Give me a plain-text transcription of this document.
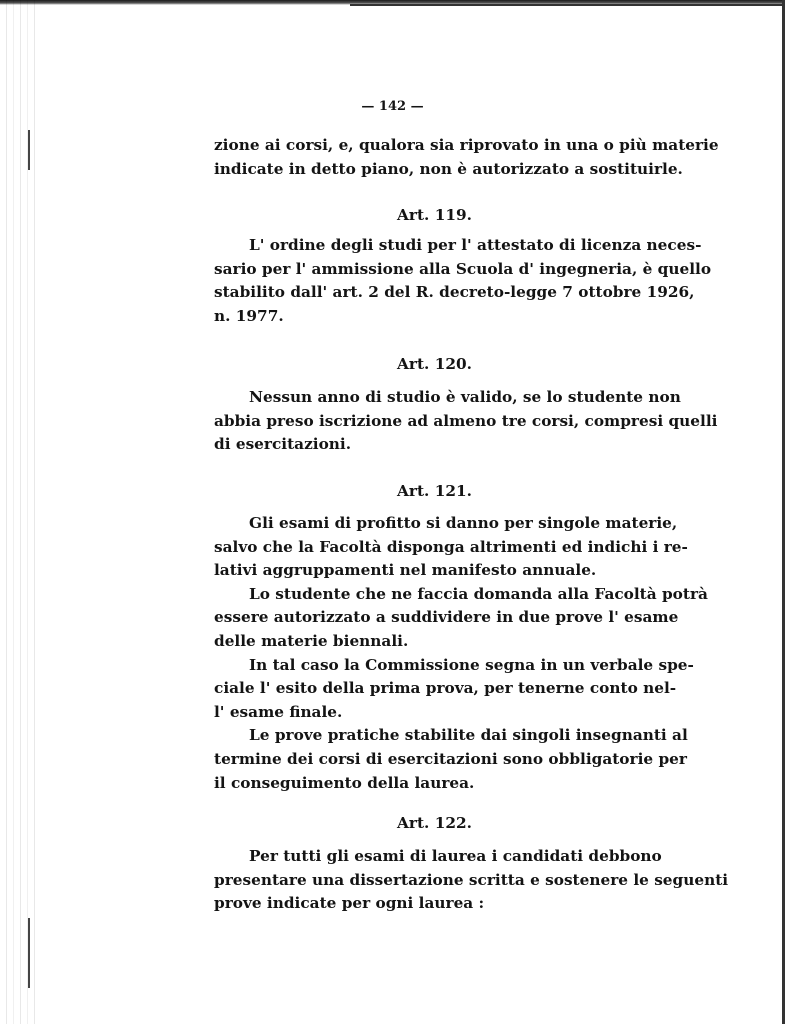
— 142 —
zione ai corsi, e, qualora sia riprovato in una o più materie
indicate in detto piano, non è autorizzato a sostituirle.
Art. 119.
L' ordine degli studi per l' attestato di licenza neces-
sario per l' ammissione alla Scuola d' ingegneria, è quello
stabilito dall' art. 2 del R. decreto-legge 7 ottobre 1926,
n. 1977.
Art. 120.
Nessun anno di studio è valido, se lo studente non
abbia preso iscrizione ad almeno tre corsi, compresi quelli
di esercitazioni.
Art. 121.
Gli esami di profitto si danno per singole materie,
salvo che la Facoltà disponga altrimenti ed indichi i re-
lativi aggruppamenti nel manifesto annuale.
Lo studente che ne faccia domanda alla Facoltà potrà
essere autorizzato a suddividere in due prove l' esame
delle materie biennali.
In tal caso la Commissione segna in un verbale spe-
ciale l' esito della prima prova, per tenerne conto nel-
l' esame finale.
Le prove pratiche stabilite dai singoli insegnanti al
termine dei corsi di esercitazioni sono obbligatorie per
il conseguimento della laurea.
Art. 122.
Per tutti gli esami di laurea i candidati debbono
presentare una dissertazione scritta e sostenere le seguenti
prove indicate per ogni laurea :
